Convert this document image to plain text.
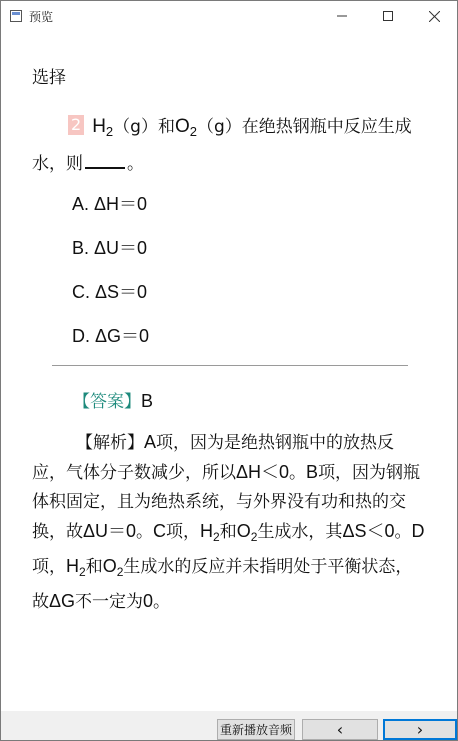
预览
选择
2 $H_2(g)$和$O_2(g)$在绝热钢瓶中反应生成水，则	。
A. ΔH＝0
B. ΔU＝0
C. ΔS＝0
D. ΔG＝0
【答案】B
【解析】A项，因为是绝热钢瓶中的放热反应，气体分子数减少，所以ΔH＜0。B项，因为钢瓶体积固定，且为绝热系统，与外界没有功和热的交换，故ΔU＝0。C项，$H_2$和$O_2$生成水，其ΔS＜0。D项，$H_2$和$O_2$生成水的反应并未指明处于平衡状态，故ΔG不一定为0。
重新播放音频	‹	›
